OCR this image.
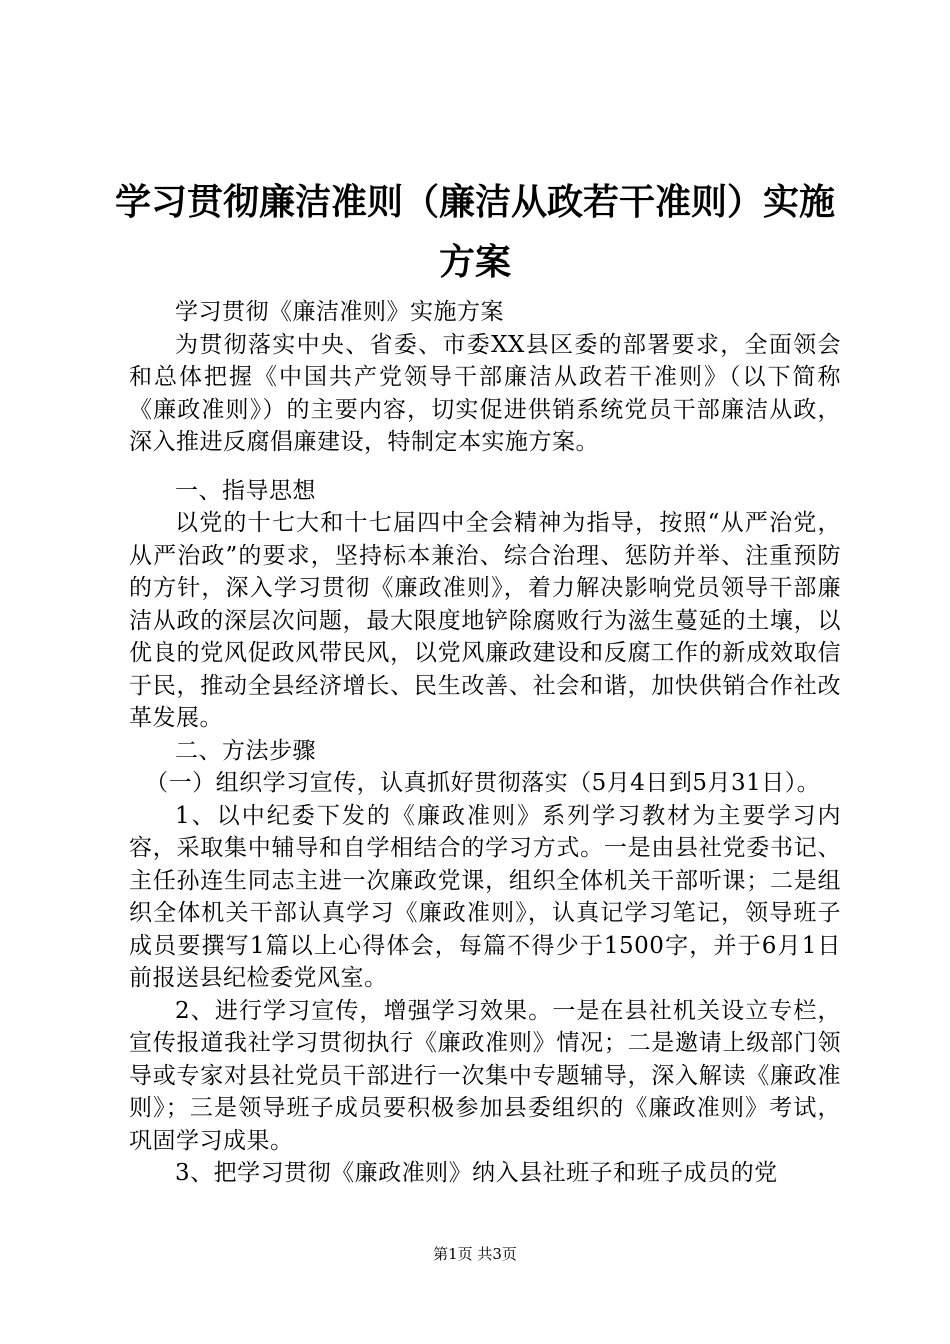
学习贯彻廉洁准则（廉洁从政若干准则）实施
方案

学习贯彻《廉洁准则》实施方案

为贯彻落实中央、省委、市委XX县区委的部署要求，全面领会和总体把握《中国共产党领导干部廉洁从政若干准则》（以下简称《廉政准则》）的主要内容，切实促进供销系统党员干部廉洁从政，深入推进反腐倡廉建设，特制定本实施方案。

一、指导思想

以党的十七大和十七届四中全会精神为指导，按照“从严治党，从严治政”的要求，坚持标本兼治、综合治理、惩防并举、注重预防的方针，深入学习贯彻《廉政准则》，着力解决影响党员领导干部廉洁从政的深层次问题，最大限度地铲除腐败行为滋生蔓延的土壤，以优良的党风促政风带民风，以党风廉政建设和反腐工作的新成效取信于民，推动全县经济增长、民生改善、社会和谐，加快供销合作社改革发展。

二、方法步骤

（一）组织学习宣传，认真抓好贯彻落实（5月4日到5月31日）。

1、以中纪委下发的《廉政准则》系列学习教材为主要学习内容，采取集中辅导和自学相结合的学习方式。一是由县社党委书记、主任孙连生同志主进一次廉政党课，组织全体机关干部听课；二是组织全体机关干部认真学习《廉政准则》，认真记学习笔记，领导班子成员要撰写1篇以上心得体会，每篇不得少于1500字，并于6月1日前报送县纪检委党风室。

2、进行学习宣传，增强学习效果。一是在县社机关设立专栏，宣传报道我社学习贯彻执行《廉政准则》情况；二是邀请上级部门领导或专家对县社党员干部进行一次集中专题辅导，深入解读《廉政准则》；三是领导班子成员要积极参加县委组织的《廉政准则》考试，巩固学习成果。

3、把学习贯彻《廉政准则》纳入县社班子和班子成员的党

第1页 共3页
